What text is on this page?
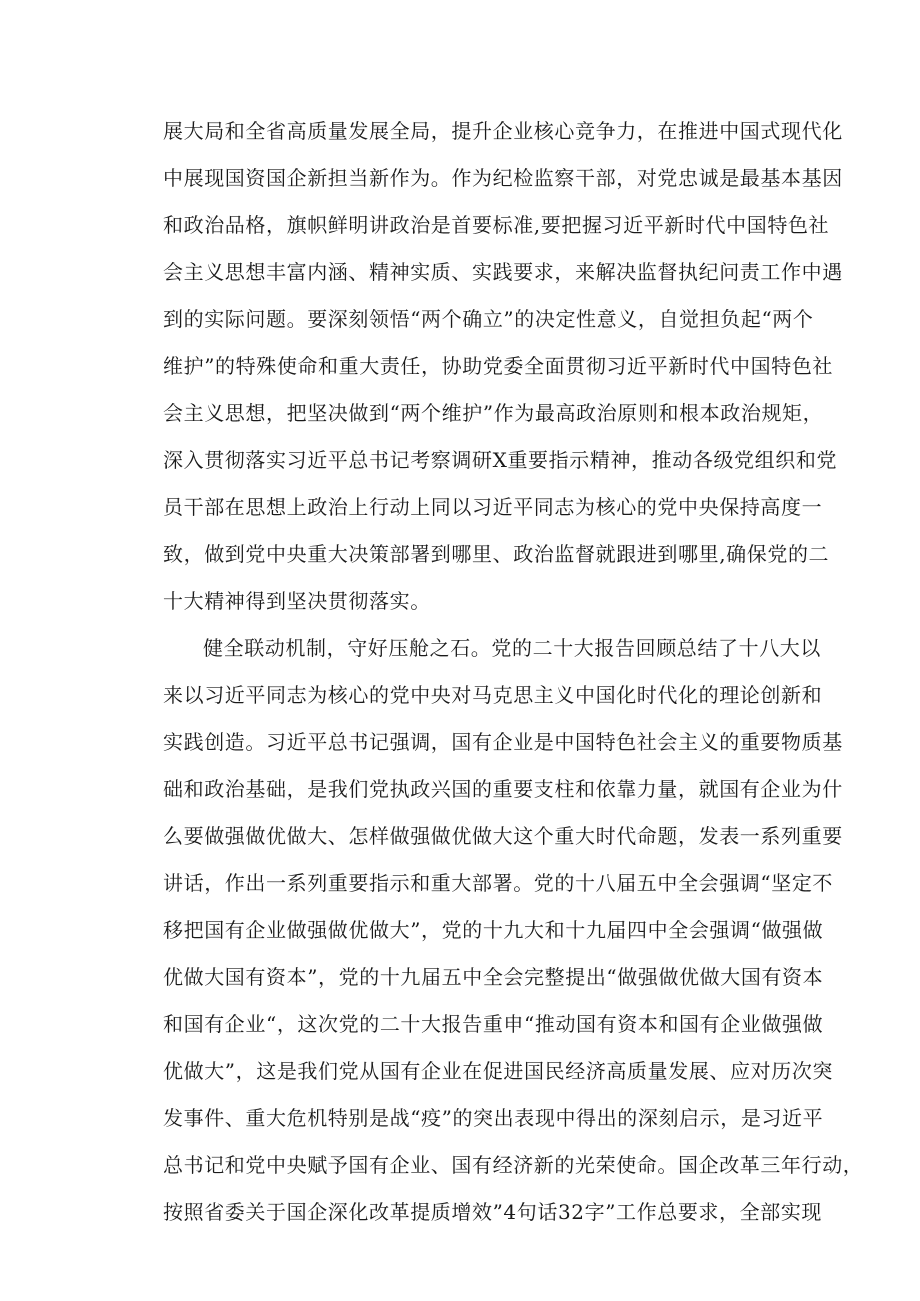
展大局和全省高质量发展全局，提升企业核心竞争力，在推进中国式现代化
中展现国资国企新担当新作为。作为纪检监察干部，对党忠诚是最基本基因
和政治品格，旗帜鲜明讲政治是首要标准,要把握习近平新时代中国特色社
会主义思想丰富内涵、精神实质、实践要求，来解决监督执纪问责工作中遇
到的实际问题。要深刻领悟“两个确立”的决定性意义，自觉担负起“两个
维护”的特殊使命和重大责任，协助党委全面贯彻习近平新时代中国特色社
会主义思想，把坚决做到“两个维护”作为最高政治原则和根本政治规矩，
深入贯彻落实习近平总书记考察调研X重要指示精神，推动各级党组织和党
员干部在思想上政治上行动上同以习近平同志为核心的党中央保持高度一
致，做到党中央重大决策部署到哪里、政治监督就跟进到哪里,确保党的二
十大精神得到坚决贯彻落实。
健全联动机制，守好压舱之石。党的二十大报告回顾总结了十八大以
来以习近平同志为核心的党中央对马克思主义中国化时代化的理论创新和
实践创造。习近平总书记强调，国有企业是中国特色社会主义的重要物质基
础和政治基础，是我们党执政兴国的重要支柱和依靠力量，就国有企业为什
么要做强做优做大、怎样做强做优做大这个重大时代命题，发表一系列重要
讲话，作出一系列重要指示和重大部署。党的十八届五中全会强调“坚定不
移把国有企业做强做优做大”，党的十九大和十九届四中全会强调“做强做
优做大国有资本”，党的十九届五中全会完整提出“做强做优做大国有资本
和国有企业“，这次党的二十大报告重申“推动国有资本和国有企业做强做
优做大”，这是我们党从国有企业在促进国民经济高质量发展、应对历次突
发事件、重大危机特别是战“疫”的突出表现中得出的深刻启示，是习近平
总书记和党中央赋予国有企业、国有经济新的光荣使命。国企改革三年行动，
按照省委关于国企深化改革提质增效”4句话32字”工作总要求，全部实现
